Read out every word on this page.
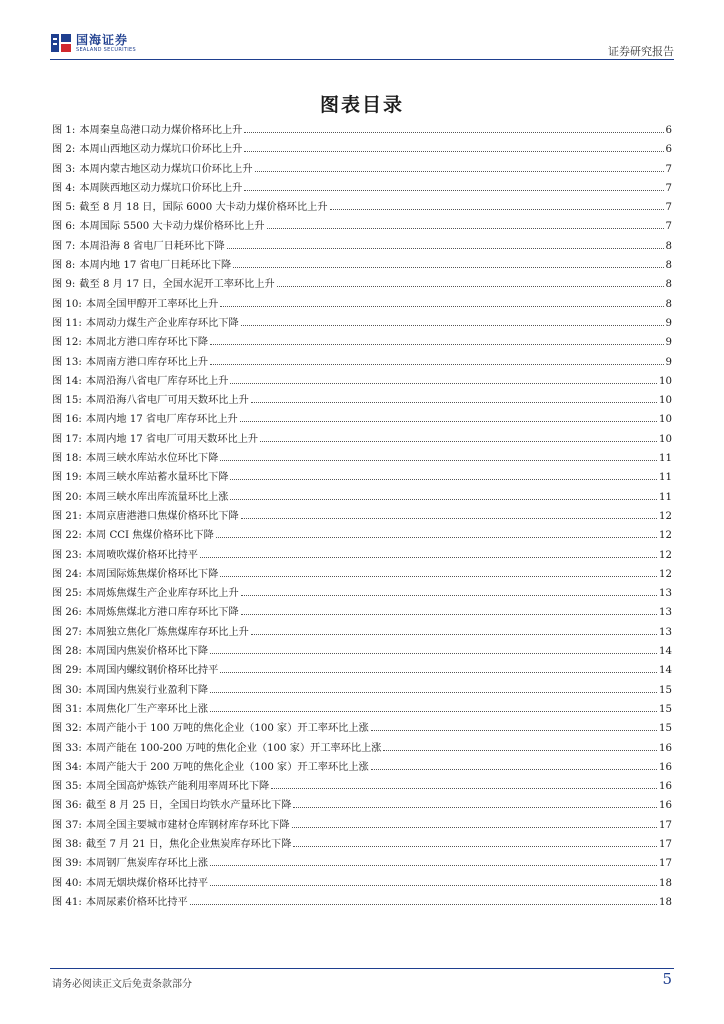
国海证券
SEALAND SECURITIES	证券研究报告
图表目录
图 1: 本周秦皇岛港口动力煤价格环比上升	6
图 2: 本周山西地区动力煤坑口价环比上升	6
图 3: 本周内蒙古地区动力煤坑口价环比上升	7
图 4: 本周陕西地区动力煤坑口价环比上升	7
图 5: 截至 8 月 18 日，国际 6000 大卡动力煤价格环比上升	7
图 6: 本周国际 5500 大卡动力煤价格环比上升	7
图 7: 本周沿海 8 省电厂日耗环比下降	8
图 8: 本周内地 17 省电厂日耗环比下降	8
图 9: 截至 8 月 17 日，全国水泥开工率环比上升	8
图 10: 本周全国甲醇开工率环比上升	8
图 11: 本周动力煤生产企业库存环比下降	9
图 12: 本周北方港口库存环比下降	9
图 13: 本周南方港口库存环比上升	9
图 14: 本周沿海八省电厂库存环比上升	10
图 15: 本周沿海八省电厂可用天数环比上升	10
图 16: 本周内地 17 省电厂库存环比上升	10
图 17: 本周内地 17 省电厂可用天数环比上升	10
图 18: 本周三峡水库站水位环比下降	11
图 19: 本周三峡水库站蓄水量环比下降	11
图 20: 本周三峡水库出库流量环比上涨	11
图 21: 本周京唐港港口焦煤价格环比下降	12
图 22: 本周 CCI 焦煤价格环比下降	12
图 23: 本周喷吹煤价格环比持平	12
图 24: 本周国际炼焦煤价格环比下降	12
图 25: 本周炼焦煤生产企业库存环比上升	13
图 26: 本周炼焦煤北方港口库存环比下降	13
图 27: 本周独立焦化厂炼焦煤库存环比上升	13
图 28: 本周国内焦炭价格环比下降	14
图 29: 本周国内螺纹钢价格环比持平	14
图 30: 本周国内焦炭行业盈利下降	15
图 31: 本周焦化厂生产率环比上涨	15
图 32: 本周产能小于 100 万吨的焦化企业（100 家）开工率环比上涨	15
图 33: 本周产能在 100-200 万吨的焦化企业（100 家）开工率环比上涨	16
图 34: 本周产能大于 200 万吨的焦化企业（100 家）开工率环比上涨	16
图 35: 本周全国高炉炼铁产能利用率周环比下降	16
图 36: 截至 8 月 25 日，全国日均铁水产量环比下降	16
图 37: 本周全国主要城市建材仓库钢材库存环比下降	17
图 38: 截至 7 月 21 日，焦化企业焦炭库存环比下降	17
图 39: 本周钢厂焦炭库存环比上涨	17
图 40: 本周无烟块煤价格环比持平	18
图 41: 本周尿素价格环比持平	18
请务必阅读正文后免责条款部分	5
